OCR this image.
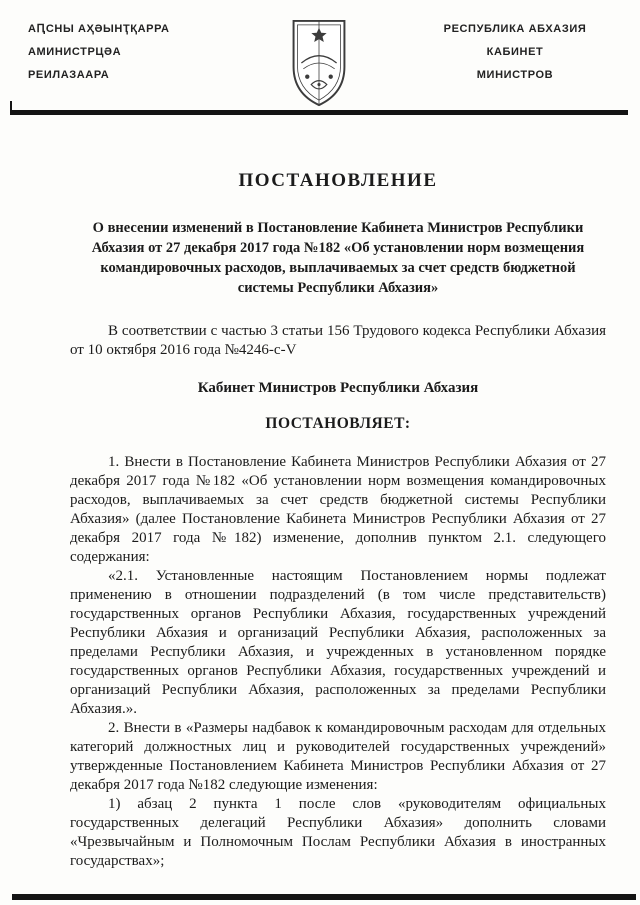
АԤСНЫ АҲӘЫНҬҚАРРА
АМИНИСТРЦӘА
РЕИЛАЗААРА
РЕСПУБЛИКА АБХАЗИЯ
КАБИНЕТ
МИНИСТРОВ
ПОСТАНОВЛЕНИЕ
О внесении изменений в Постановление Кабинета Министров Республики Абхазия от 27 декабря 2017 года №182 «Об установлении норм возмещения командировочных расходов, выплачиваемых за счет средств бюджетной системы Республики Абхазия»

В соответствии с частью 3 статьи 156 Трудового кодекса Республики Абхазия от 10 октября 2016 года №4246-с-V

Кабинет Министров Республики Абхазия

ПОСТАНОВЛЯЕТ:

1. Внести в Постановление Кабинета Министров Республики Абхазия от 27 декабря 2017 года №182 «Об установлении норм возмещения командировочных расходов, выплачиваемых за счет средств бюджетной системы Республики Абхазия» (далее Постановление Кабинета Министров Республики Абхазия от 27 декабря 2017 года №182) изменение, дополнив пунктом 2.1. следующего содержания:

«2.1. Установленные настоящим Постановлением нормы подлежат применению в отношении подразделений (в том числе представительств) государственных органов Республики Абхазия, государственных учреждений Республики Абхазия и организаций Республики Абхазия, расположенных за пределами Республики Абхазия, и учрежденных в установленном порядке государственных органов Республики Абхазия, государственных учреждений и организаций Республики Абхазия, расположенных за пределами Республики Абхазия.».

2. Внести в «Размеры надбавок к командировочным расходам для отдельных категорий должностных лиц и руководителей государственных учреждений» утвержденные Постановлением Кабинета Министров Республики Абхазия от 27 декабря 2017 года №182 следующие изменения:

1) абзац 2 пункта 1 после слов «руководителям официальных государственных делегаций Республики Абхазия» дополнить словами «Чрезвычайным и Полномочным Послам Республики Абхазия в иностранных государствах»;
